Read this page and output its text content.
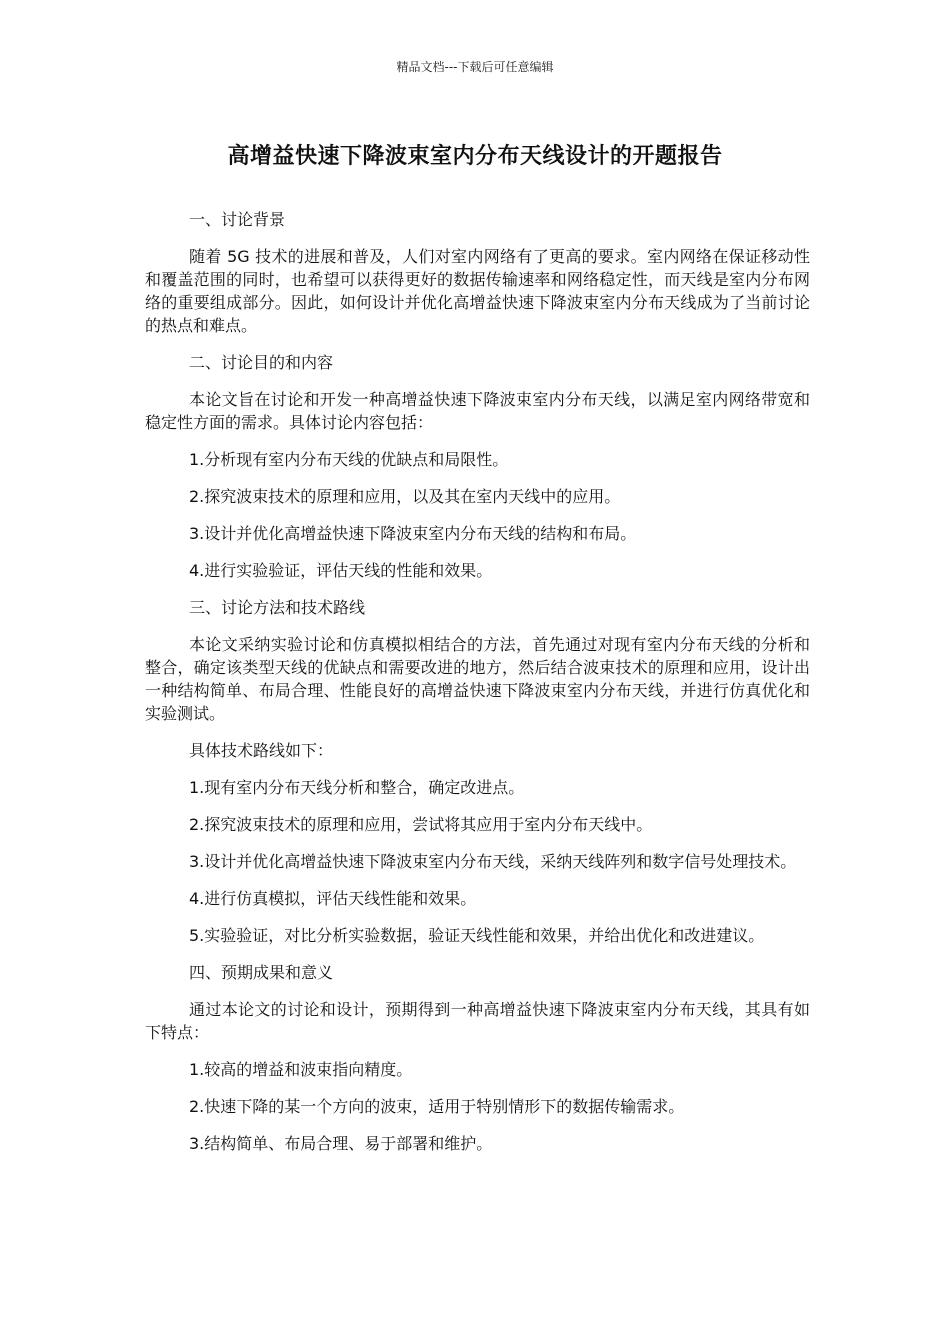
精品文档---下载后可任意编辑
高增益快速下降波束室内分布天线设计的开题报告

一、讨论背景

随着 5G 技术的进展和普及，人们对室内网络有了更高的要求。室内网络在保证移动性和覆盖范围的同时，也希望可以获得更好的数据传输速率和网络稳定性，而天线是室内分布网络的重要组成部分。因此，如何设计并优化高增益快速下降波束室内分布天线成为了当前讨论的热点和难点。

二、讨论目的和内容

本论文旨在讨论和开发一种高增益快速下降波束室内分布天线，以满足室内网络带宽和稳定性方面的需求。具体讨论内容包括：

1.分析现有室内分布天线的优缺点和局限性。

2.探究波束技术的原理和应用，以及其在室内天线中的应用。

3.设计并优化高增益快速下降波束室内分布天线的结构和布局。

4.进行实验验证，评估天线的性能和效果。

三、讨论方法和技术路线

本论文采纳实验讨论和仿真模拟相结合的方法，首先通过对现有室内分布天线的分析和整合，确定该类型天线的优缺点和需要改进的地方，然后结合波束技术的原理和应用，设计出一种结构简单、布局合理、性能良好的高增益快速下降波束室内分布天线，并进行仿真优化和实验测试。

具体技术路线如下：

1.现有室内分布天线分析和整合，确定改进点。

2.探究波束技术的原理和应用，尝试将其应用于室内分布天线中。

3.设计并优化高增益快速下降波束室内分布天线，采纳天线阵列和数字信号处理技术。

4.进行仿真模拟，评估天线性能和效果。

5.实验验证，对比分析实验数据，验证天线性能和效果，并给出优化和改进建议。

四、预期成果和意义

通过本论文的讨论和设计，预期得到一种高增益快速下降波束室内分布天线，其具有如下特点：

1.较高的增益和波束指向精度。

2.快速下降的某一个方向的波束，适用于特别情形下的数据传输需求。

3.结构简单、布局合理、易于部署和维护。
